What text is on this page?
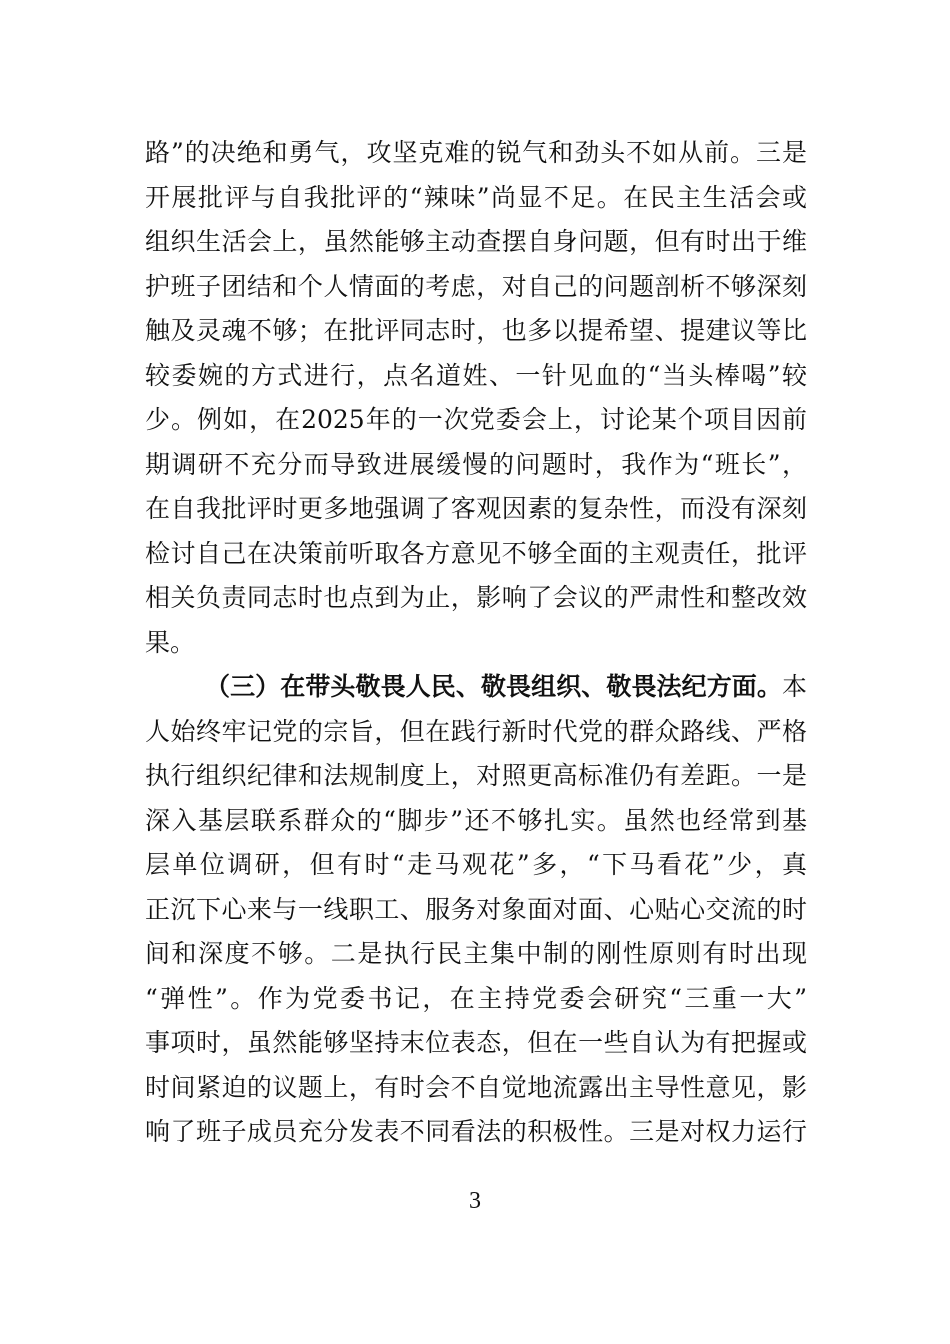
路”的决绝和勇气，攻坚克难的锐气和劲头不如从前。三是
开展批评与自我批评的“辣味”尚显不足。在民主生活会或
组织生活会上，虽然能够主动查摆自身问题，但有时出于维
护班子团结和个人情面的考虑，对自己的问题剖析不够深刻
触及灵魂不够；在批评同志时，也多以提希望、提建议等比
较委婉的方式进行，点名道姓、一针见血的“当头棒喝”较
少。例如，在2025年的一次党委会上，讨论某个项目因前
期调研不充分而导致进展缓慢的问题时，我作为“班长”，
在自我批评时更多地强调了客观因素的复杂性，而没有深刻
检讨自己在决策前听取各方意见不够全面的主观责任，批评
相关负责同志时也点到为止，影响了会议的严肃性和整改效
果。
（三）在带头敬畏人民、敬畏组织、敬畏法纪方面。本
人始终牢记党的宗旨，但在践行新时代党的群众路线、严格
执行组织纪律和法规制度上，对照更高标准仍有差距。一是
深入基层联系群众的“脚步”还不够扎实。虽然也经常到基
层单位调研，但有时“走马观花”多，“下马看花”少，真
正沉下心来与一线职工、服务对象面对面、心贴心交流的时
间和深度不够。二是执行民主集中制的刚性原则有时出现
“弹性”。作为党委书记，在主持党委会研究“三重一大”
事项时，虽然能够坚持末位表态，但在一些自认为有把握或
时间紧迫的议题上，有时会不自觉地流露出主导性意见，影
响了班子成员充分发表不同看法的积极性。三是对权力运行
3
